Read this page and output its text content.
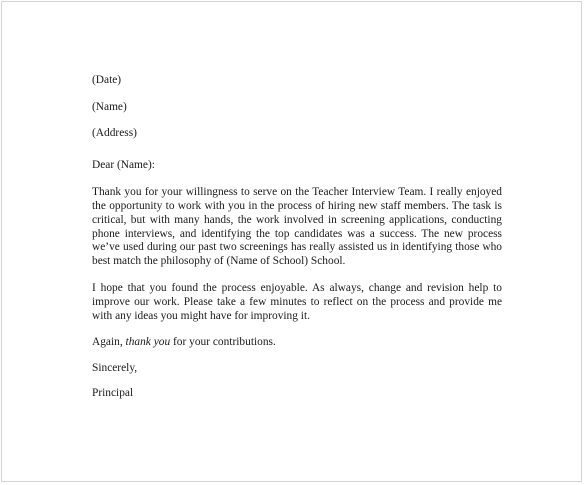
(Date)

(Name)

(Address)

Dear (Name):

Thank you for your willingness to serve on the Teacher Interview Team. I really enjoyed the opportunity to work with you in the process of hiring new staff members. The task is critical, but with many hands, the work involved in screening applications, conducting phone interviews, and identifying the top candidates was a success. The new process we’ve used during our past two screenings has really assisted us in identifying those who best match the philosophy of (Name of School) School.

I hope that you found the process enjoyable. As always, change and revision help to improve our work. Please take a few minutes to reflect on the process and provide me with any ideas you might have for improving it.

Again, thank you for your contributions.

Sincerely,

Principal
